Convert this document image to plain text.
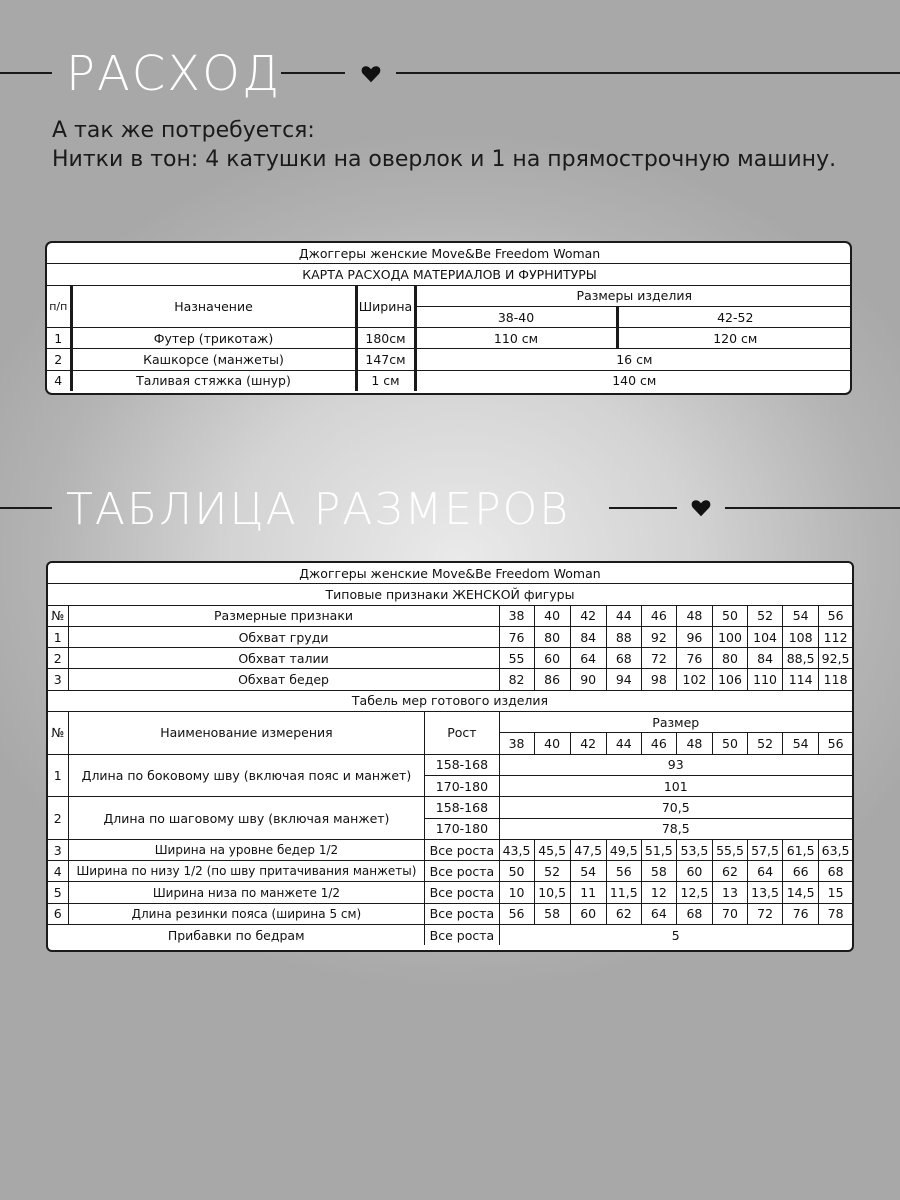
РАСХОД
А так же потребуется:
Нитки в тон: 4 катушки на оверлок и 1 на прямострочную машину.
Джоггеры женские Move&Be Freedom Woman				
КАРТА РАСХОДА МАТЕРИАЛОВ И ФУРНИТУРЫ				
п/п	Назначение	Ширина	Размеры изделия	
			38-40	42-52
1	Футер (трикотаж)	180см	110 см	120 см
2	Кашкорсе (манжеты)	147см	16 см	
4	Таливая стяжка (шнур)	1 см	140 см	
ТАБЛИЦА РАЗМЕРОВ
Джоггеры женские Move&Be Freedom Woman												
Типовые признаки ЖЕНСКОЙ фигуры												
№	Размерные признаки		38	40	42	44	46	48	50	52	54	56
1	Обхват груди		76	80	84	88	92	96	100	104	108	112
2	Обхват талии		55	60	64	68	72	76	80	84	88,5	92,5
3	Обхват бедер		82	86	90	94	98	102	106	110	114	118
Табель мер готового изделия												
№	Наименование измерения	Рост	Размер									
			38	40	42	44	46	48	50	52	54	56
1	Длина по боковому шву (включая пояс и манжет)	158-168	93									
		170-180	101									
2	Длина по шаговому шву (включая манжет)	158-168	70,5									
		170-180	78,5									
3	Ширина на уровне бедер 1/2	Все роста	43,5	45,5	47,5	49,5	51,5	53,5	55,5	57,5	61,5	63,5
4	Ширина по низу 1/2 (по шву притачивания манжеты)	Все роста	50	52	54	56	58	60	62	64	66	68
5	Ширина низа по манжете 1/2	Все роста	10	10,5	11	11,5	12	12,5	13	13,5	14,5	15
6	Длина резинки пояса (ширина 5 см)	Все роста	56	58	60	62	64	68	70	72	76	78
Прибавки по бедрам		Все роста	5									
